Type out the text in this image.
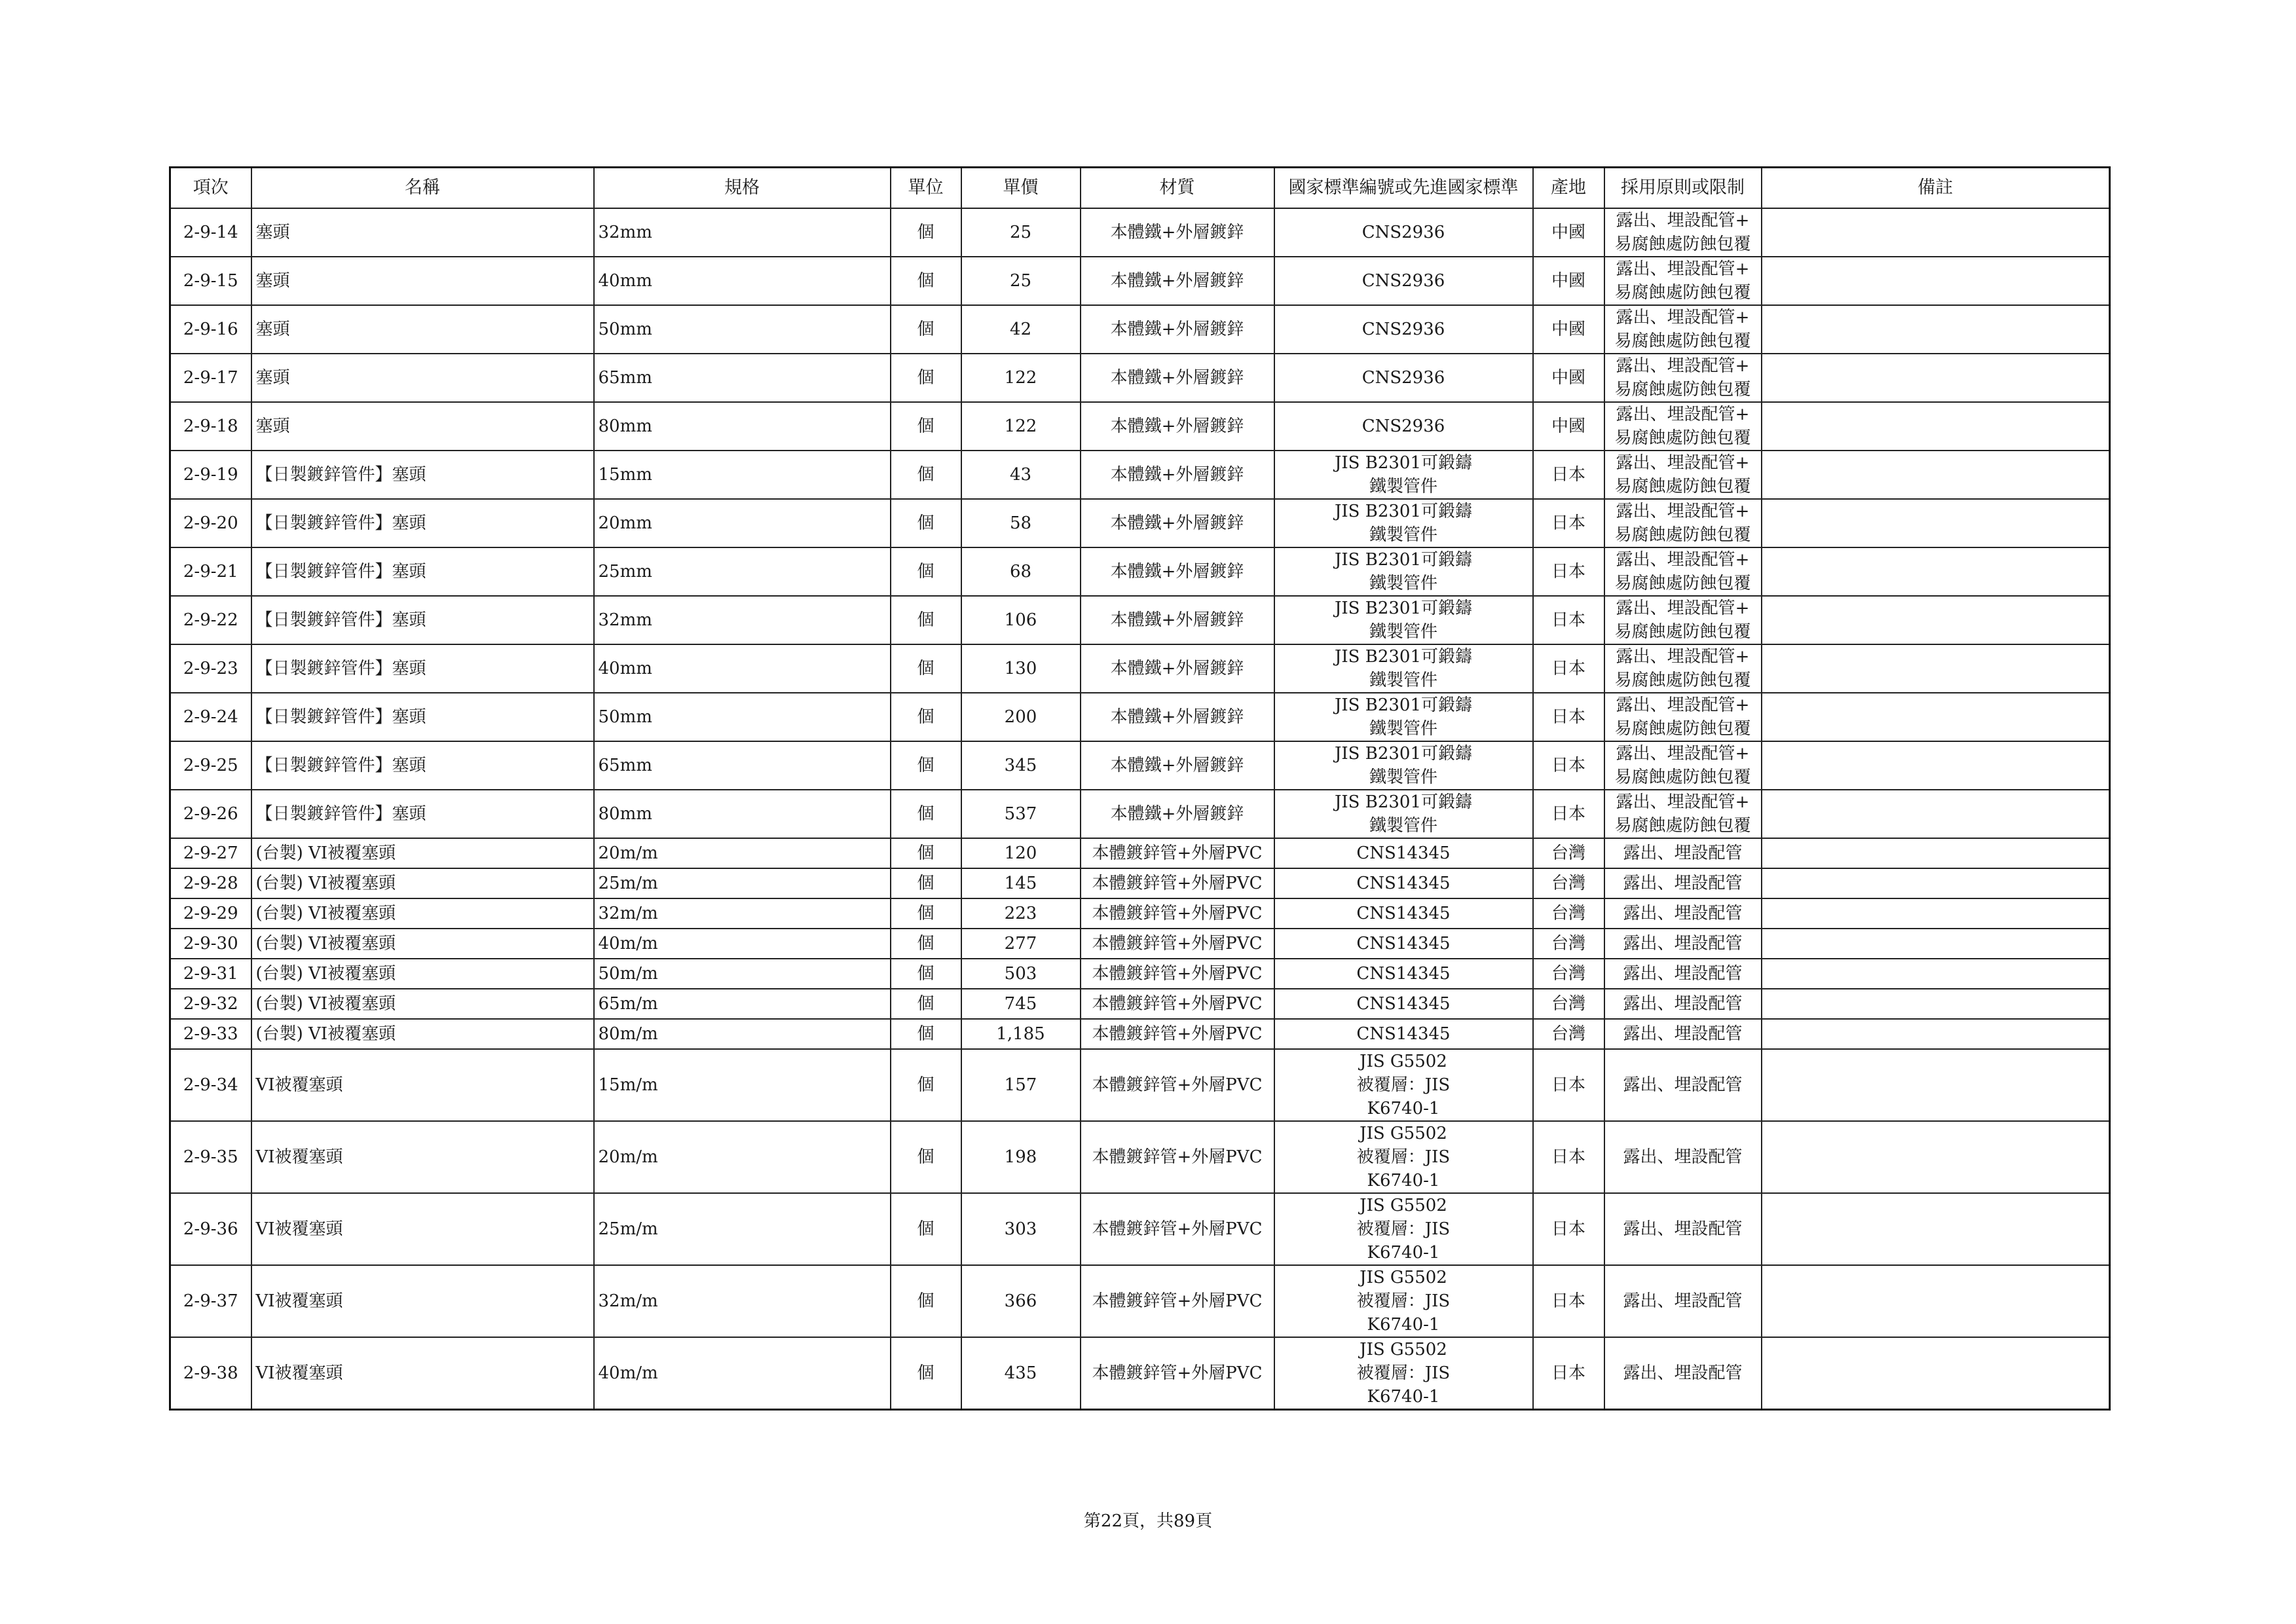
項次	名稱	規格	單位	單價	材質	國家標準編號或先進國家標準	產地	採用原則或限制	備註
2-9-14	塞頭	32mm	個	25	本體鐵+外層鍍鋅	CNS2936	中國	露出、埋設配管+
易腐蝕處防蝕包覆	

2-9-15	塞頭	40mm	個	25	本體鐵+外層鍍鋅	CNS2936	中國	露出、埋設配管+
易腐蝕處防蝕包覆	

2-9-16	塞頭	50mm	個	42	本體鐵+外層鍍鋅	CNS2936	中國	露出、埋設配管+
易腐蝕處防蝕包覆	

2-9-17	塞頭	65mm	個	122	本體鐵+外層鍍鋅	CNS2936	中國	露出、埋設配管+
易腐蝕處防蝕包覆	

2-9-18	塞頭	80mm	個	122	本體鐵+外層鍍鋅	CNS2936	中國	露出、埋設配管+
易腐蝕處防蝕包覆	

2-9-19	【日製鍍鋅管件】塞頭	15mm	個	43	本體鐵+外層鍍鋅	JIS B2301可鍛鑄
鐵製管件	日本	露出、埋設配管+
易腐蝕處防蝕包覆	

2-9-20	【日製鍍鋅管件】塞頭	20mm	個	58	本體鐵+外層鍍鋅	JIS B2301可鍛鑄
鐵製管件	日本	露出、埋設配管+
易腐蝕處防蝕包覆	

2-9-21	【日製鍍鋅管件】塞頭	25mm	個	68	本體鐵+外層鍍鋅	JIS B2301可鍛鑄
鐵製管件	日本	露出、埋設配管+
易腐蝕處防蝕包覆	

2-9-22	【日製鍍鋅管件】塞頭	32mm	個	106	本體鐵+外層鍍鋅	JIS B2301可鍛鑄
鐵製管件	日本	露出、埋設配管+
易腐蝕處防蝕包覆	

2-9-23	【日製鍍鋅管件】塞頭	40mm	個	130	本體鐵+外層鍍鋅	JIS B2301可鍛鑄
鐵製管件	日本	露出、埋設配管+
易腐蝕處防蝕包覆	

2-9-24	【日製鍍鋅管件】塞頭	50mm	個	200	本體鐵+外層鍍鋅	JIS B2301可鍛鑄
鐵製管件	日本	露出、埋設配管+
易腐蝕處防蝕包覆	

2-9-25	【日製鍍鋅管件】塞頭	65mm	個	345	本體鐵+外層鍍鋅	JIS B2301可鍛鑄
鐵製管件	日本	露出、埋設配管+
易腐蝕處防蝕包覆	

2-9-26	【日製鍍鋅管件】塞頭	80mm	個	537	本體鐵+外層鍍鋅	JIS B2301可鍛鑄
鐵製管件	日本	露出、埋設配管+
易腐蝕處防蝕包覆	

2-9-27	(台製) VI被覆塞頭	20m/m	個	120	本體鍍鋅管+外層PVC	CNS14345	台灣	露出、埋設配管	

2-9-28	(台製) VI被覆塞頭	25m/m	個	145	本體鍍鋅管+外層PVC	CNS14345	台灣	露出、埋設配管	

2-9-29	(台製) VI被覆塞頭	32m/m	個	223	本體鍍鋅管+外層PVC	CNS14345	台灣	露出、埋設配管	

2-9-30	(台製) VI被覆塞頭	40m/m	個	277	本體鍍鋅管+外層PVC	CNS14345	台灣	露出、埋設配管	

2-9-31	(台製) VI被覆塞頭	50m/m	個	503	本體鍍鋅管+外層PVC	CNS14345	台灣	露出、埋設配管	

2-9-32	(台製) VI被覆塞頭	65m/m	個	745	本體鍍鋅管+外層PVC	CNS14345	台灣	露出、埋設配管	

2-9-33	(台製) VI被覆塞頭	80m/m	個	1,185	本體鍍鋅管+外層PVC	CNS14345	台灣	露出、埋設配管	

2-9-34	VI被覆塞頭	15m/m	個	157	本體鍍鋅管+外層PVC	JIS G5502
被覆層：JIS
K6740-1	日本	露出、埋設配管	

2-9-35	VI被覆塞頭	20m/m	個	198	本體鍍鋅管+外層PVC	JIS G5502
被覆層：JIS
K6740-1	日本	露出、埋設配管	

2-9-36	VI被覆塞頭	25m/m	個	303	本體鍍鋅管+外層PVC	JIS G5502
被覆層：JIS
K6740-1	日本	露出、埋設配管	

2-9-37	VI被覆塞頭	32m/m	個	366	本體鍍鋅管+外層PVC	JIS G5502
被覆層：JIS
K6740-1	日本	露出、埋設配管	

2-9-38	VI被覆塞頭	40m/m	個	435	本體鍍鋅管+外層PVC	JIS G5502
被覆層：JIS
K6740-1	日本	露出、埋設配管	

第22頁，共89頁
